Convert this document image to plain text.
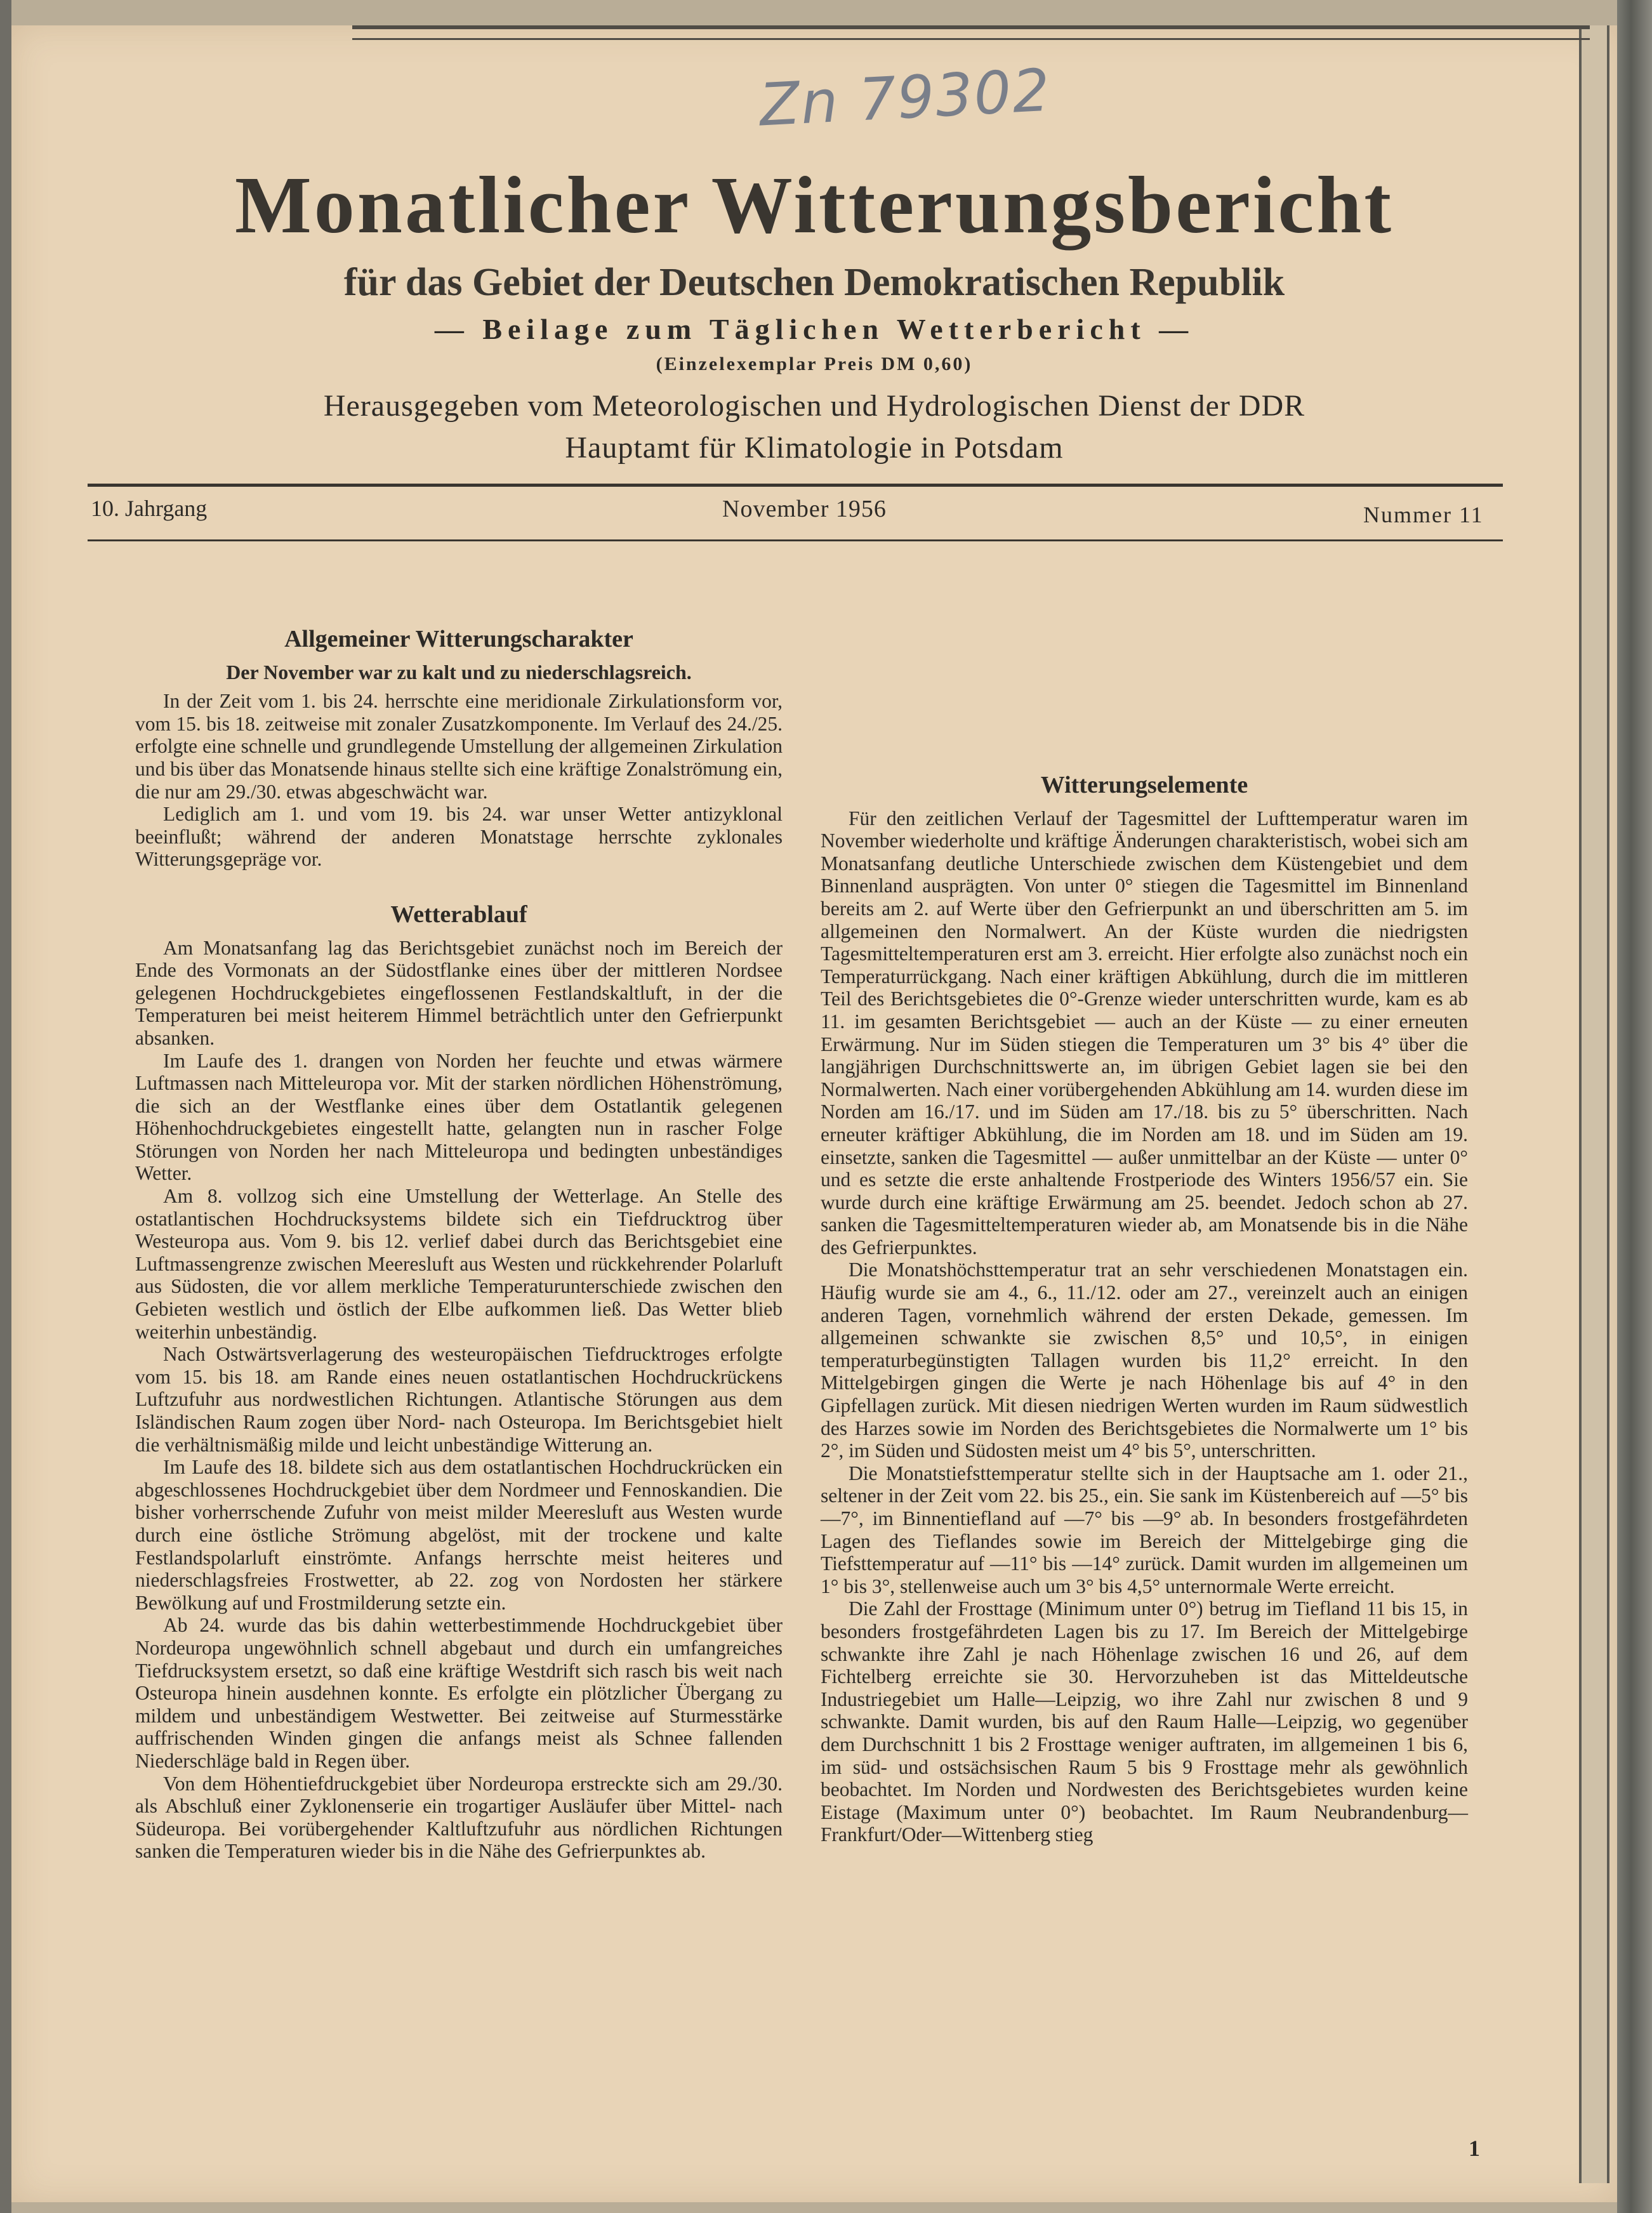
Zn 79302
Monatlicher Witterungsbericht
für das Gebiet der Deutschen Demokratischen Republik
— Beilage zum Täglichen Wetterbericht —
(Einzelexemplar Preis DM 0,60)
Herausgegeben vom Meteorologischen und Hydrologischen Dienst der DDR
Hauptamt für Klimatologie in Potsdam
10. Jahrgang	November 1956	Nummer 11
Allgemeiner Witterungscharakter
Der November war zu kalt und zu niederschlagsreich.

In der Zeit vom 1. bis 24. herrschte eine meridionale Zirkulationsform vor, vom 15. bis 18. zeitweise mit zonaler Zusatzkomponente. Im Verlauf des 24./25. erfolgte eine schnelle und grundlegende Umstellung der allgemeinen Zirkulation und bis über das Monatsende hinaus stellte sich eine kräftige Zonalströmung ein, die nur am 29./30. etwas abgeschwächt war.

Lediglich am 1. und vom 19. bis 24. war unser Wetter antizyklonal beeinflußt; während der anderen Monatstage herrschte zyklonales Witterungsgepräge vor.

Wetterablauf

Am Monatsanfang lag das Berichtsgebiet zunächst noch im Bereich der Ende des Vormonats an der Südostflanke eines über der mittleren Nordsee gelegenen Hochdruckgebietes eingeflossenen Festlandskaltluft, in der die Temperaturen bei meist heiterem Himmel beträchtlich unter den Gefrierpunkt absanken.

Im Laufe des 1. drangen von Norden her feuchte und etwas wärmere Luftmassen nach Mitteleuropa vor. Mit der starken nördlichen Höhenströmung, die sich an der Westflanke eines über dem Ostatlantik gelegenen Höhenhochdruckgebietes eingestellt hatte, gelangten nun in rascher Folge Störungen von Norden her nach Mitteleuropa und bedingten unbeständiges Wetter.

Am 8. vollzog sich eine Umstellung der Wetterlage. An Stelle des ostatlantischen Hochdrucksystems bildete sich ein Tiefdrucktrog über Westeuropa aus. Vom 9. bis 12. verlief dabei durch das Berichtsgebiet eine Luftmassengrenze zwischen Meeresluft aus Westen und rückkehrender Polarluft aus Südosten, die vor allem merkliche Temperaturunterschiede zwischen den Gebieten westlich und östlich der Elbe aufkommen ließ. Das Wetter blieb weiterhin unbeständig.

Nach Ostwärtsverlagerung des westeuropäischen Tiefdrucktroges erfolgte vom 15. bis 18. am Rande eines neuen ostatlantischen Hochdruckrückens Luftzufuhr aus nordwestlichen Richtungen. Atlantische Störungen aus dem Isländischen Raum zogen über Nord- nach Osteuropa. Im Berichtsgebiet hielt die verhältnismäßig milde und leicht unbeständige Witterung an.

Im Laufe des 18. bildete sich aus dem ostatlantischen Hochdruckrücken ein abgeschlossenes Hochdruckgebiet über dem Nordmeer und Fennoskandien. Die bisher vorherrschende Zufuhr von meist milder Meeresluft aus Westen wurde durch eine östliche Strömung abgelöst, mit der trockene und kalte Festlandspolarluft einströmte. Anfangs herrschte meist heiteres und niederschlagsfreies Frostwetter, ab 22. zog von Nordosten her stärkere Bewölkung auf und Frostmilderung setzte ein.

Ab 24. wurde das bis dahin wetterbestimmende Hochdruckgebiet über Nordeuropa ungewöhnlich schnell abgebaut und durch ein umfangreiches Tiefdrucksystem ersetzt, so daß eine kräftige Westdrift sich rasch bis weit nach Osteuropa hinein ausdehnen konnte. Es erfolgte ein plötzlicher Übergang zu mildem und unbeständigem Westwetter. Bei zeitweise auf Sturmesstärke auffrischenden Winden gingen die anfangs meist als Schnee fallenden Niederschläge bald in Regen über.

Von dem Höhentiefdruckgebiet über Nordeuropa erstreckte sich am 29./30. als Abschluß einer Zyklonenserie ein trogartiger Ausläufer über Mittel- nach Südeuropa. Bei vorübergehender Kaltluftzufuhr aus nördlichen Richtungen sanken die Temperaturen wieder bis in die Nähe des Gefrierpunktes ab.

Witterungselemente

Für den zeitlichen Verlauf der Tagesmittel der Lufttemperatur waren im November wiederholte und kräftige Änderungen charakteristisch, wobei sich am Monatsanfang deutliche Unterschiede zwischen dem Küstengebiet und dem Binnenland ausprägten. Von unter 0° stiegen die Tagesmittel im Binnenland bereits am 2. auf Werte über den Gefrierpunkt an und überschritten am 5. im allgemeinen den Normalwert. An der Küste wurden die niedrigsten Tagesmitteltemperaturen erst am 3. erreicht. Hier erfolgte also zunächst noch ein Temperaturrückgang. Nach einer kräftigen Abkühlung, durch die im mittleren Teil des Berichtsgebietes die 0°-Grenze wieder unterschritten wurde, kam es ab 11. im gesamten Berichtsgebiet — auch an der Küste — zu einer erneuten Erwärmung. Nur im Süden stiegen die Temperaturen um 3° bis 4° über die langjährigen Durchschnittswerte an, im übrigen Gebiet lagen sie bei den Normalwerten. Nach einer vorübergehenden Abkühlung am 14. wurden diese im Norden am 16./17. und im Süden am 17./18. bis zu 5° überschritten. Nach erneuter kräftiger Abkühlung, die im Norden am 18. und im Süden am 19. einsetzte, sanken die Tagesmittel — außer unmittelbar an der Küste — unter 0° und es setzte die erste anhaltende Frostperiode des Winters 1956/57 ein. Sie wurde durch eine kräftige Erwärmung am 25. beendet. Jedoch schon ab 27. sanken die Tagesmitteltemperaturen wieder ab, am Monatsende bis in die Nähe des Gefrierpunktes.

Die Monatshöchsttemperatur trat an sehr verschiedenen Monatstagen ein. Häufig wurde sie am 4., 6., 11./12. oder am 27., vereinzelt auch an einigen anderen Tagen, vornehmlich während der ersten Dekade, gemessen. Im allgemeinen schwankte sie zwischen 8,5° und 10,5°, in einigen temperaturbegünstigten Tallagen wurden bis 11,2° erreicht. In den Mittelgebirgen gingen die Werte je nach Höhenlage bis auf 4° in den Gipfellagen zurück. Mit diesen niedrigen Werten wurden im Raum südwestlich des Harzes sowie im Norden des Berichtsgebietes die Normalwerte um 1° bis 2°, im Süden und Südosten meist um 4° bis 5°, unterschritten.

Die Monatstiefsttemperatur stellte sich in der Hauptsache am 1. oder 21., seltener in der Zeit vom 22. bis 25., ein. Sie sank im Küstenbereich auf —5° bis —7°, im Binnentiefland auf —7° bis —9° ab. In besonders frostgefährdeten Lagen des Tieflandes sowie im Bereich der Mittelgebirge ging die Tiefsttemperatur auf —11° bis —14° zurück. Damit wurden im allgemeinen um 1° bis 3°, stellenweise auch um 3° bis 4,5° unternormale Werte erreicht.

Die Zahl der Frosttage (Minimum unter 0°) betrug im Tiefland 11 bis 15, in besonders frostgefährdeten Lagen bis zu 17. Im Bereich der Mittelgebirge schwankte ihre Zahl je nach Höhenlage zwischen 16 und 26, auf dem Fichtelberg erreichte sie 30. Hervorzuheben ist das Mitteldeutsche Industriegebiet um Halle—Leipzig, wo ihre Zahl nur zwischen 8 und 9 schwankte. Damit wurden, bis auf den Raum Halle—Leipzig, wo gegenüber dem Durchschnitt 1 bis 2 Frosttage weniger auftraten, im allgemeinen 1 bis 6, im süd- und ostsächsischen Raum 5 bis 9 Frosttage mehr als gewöhnlich beobachtet. Im Norden und Nordwesten des Berichtsgebietes wurden keine Eistage (Maximum unter 0°) beobachtet. Im Raum Neubrandenburg—Frankfurt/Oder—Wittenberg stieg

1
